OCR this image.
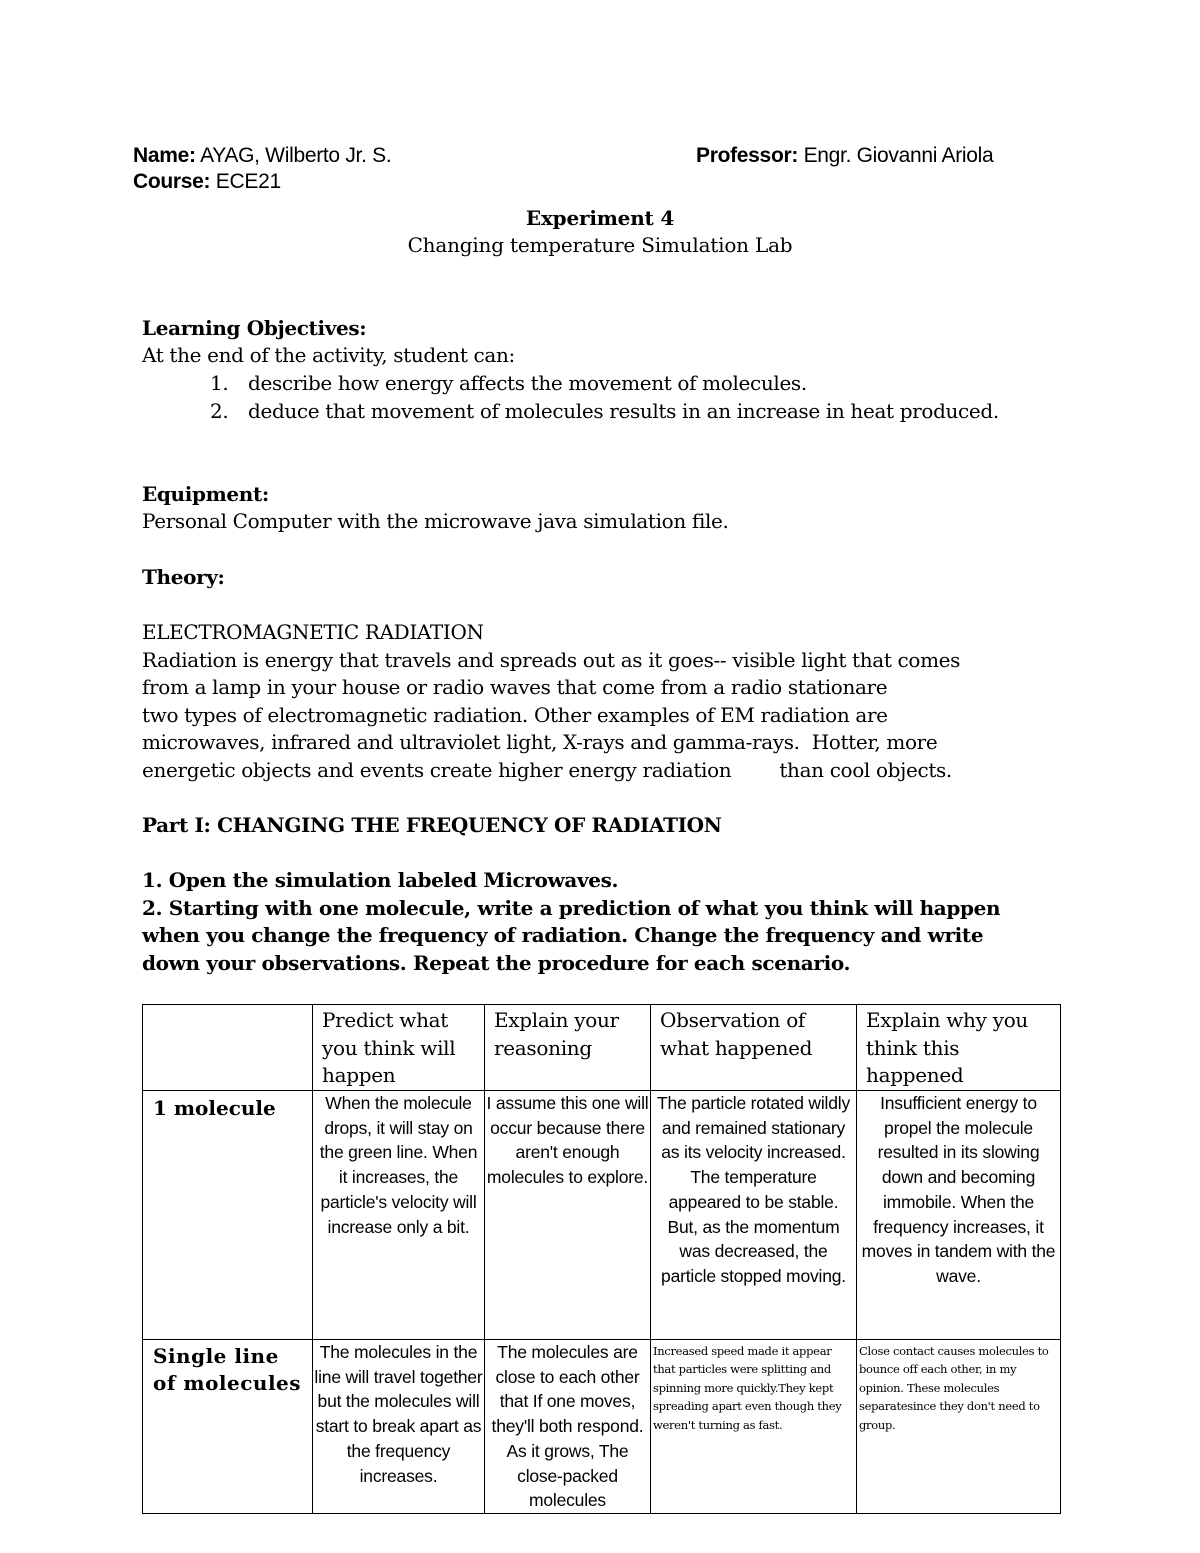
Name: AYAG, Wilberto Jr. S.	Professor: Engr. Giovanni Ariola
Course: ECE21
Experiment 4
Changing temperature Simulation Lab
Learning Objectives:
At the end of the activity, student can:
1. describe how energy affects the movement of molecules.
2. deduce that movement of molecules results in an increase in heat produced.
Equipment:
Personal Computer with the microwave java simulation file.
Theory:
ELECTROMAGNETIC RADIATION
Radiation is energy that travels and spreads out as it goes-- visible light that comes
from a lamp in your house or radio waves that come from a radio stationare
two types of electromagnetic radiation. Other examples of EM radiation are
microwaves, infrared and ultraviolet light, X-rays and gamma-rays.  Hotter, more
energetic objects and events create higher energy radiation        than cool objects.
Part I: CHANGING THE FREQUENCY OF RADIATION
1. Open the simulation labeled Microwaves.
2. Starting with one molecule, write a prediction of what you think will happen
when you change the frequency of radiation. Change the frequency and write
down your observations. Repeat the procedure for each scenario.
	Predict what you think will happen	Explain your reasoning	Observation of what happened	Explain why you think this happened
1 molecule	When the molecule drops, it will stay on the green line. When it increases, the particle's velocity will increase only a bit.	I assume this one will occur because there aren't enough molecules to explore.	The particle rotated wildly and remained stationary as its velocity increased. The temperature appeared to be stable. But, as the momentum was decreased, the particle stopped moving.	Insufficient energy to propel the molecule resulted in its slowing down and becoming immobile. When the frequency increases, it moves in tandem with the wave.
Single line of molecules	The molecules in the line will travel together but the molecules will start to break apart as the frequency increases.	The molecules are close to each other that If one moves, they'll both respond. As it grows, The close-packed molecules	Increased speed made it appear that particles were splitting and spinning more quickly.They kept spreading apart even though they weren't turning as fast.	Close contact causes molecules to bounce off each other, in my opinion. These molecules separatesince they don't need to group.
